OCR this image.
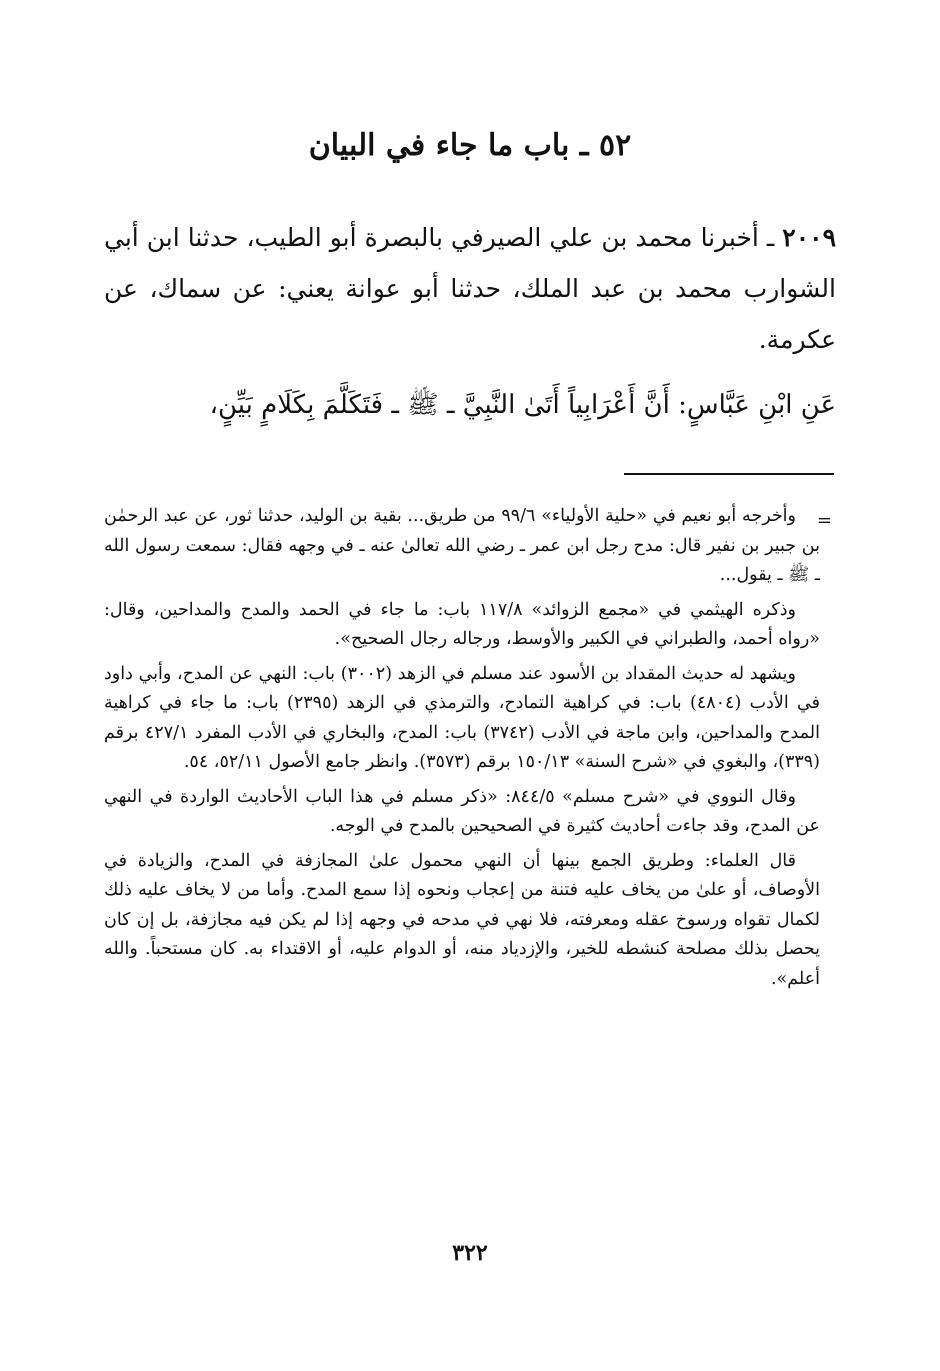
٥٢ ـ باب ما جاء في البيان

٢٠٠٩ ـ أخبرنا محمد بن علي الصيرفي بالبصرة أبو الطيب، حدثنا ابن أبي الشوارب محمد بن عبد الملك، حدثنا أبو عوانة يعني: عن سماك، عن عكرمة.

عَنِ ابْنِ عَبَّاسٍ: أَنَّ أَعْرَابِياً أَتَىٰ النَّبِيَّ ـ ﷺ ـ فَتَكَلَّمَ بِكَلَامٍ بَيِّنٍ،

=

وأخرجه أبو نعيم في «حلية الأولياء» ٩٩/٦ من طريق... بقية بن الوليد، حدثنا ثور، عن عبد الرحمٰن بن جبير بن نفير قال: مدح رجل ابن عمر ـ رضي الله تعالىٰ عنه ـ في وجهه فقال: سمعت رسول الله ـ ﷺ ـ يقول...

وذكره الهيثمي في «مجمع الزوائد» ١١٧/٨ باب: ما جاء في الحمد والمدح والمداحين، وقال: «رواه أحمد، والطبراني في الكبير والأوسط، ورجاله رجال الصحيح».

ويشهد له حديث المقداد بن الأسود عند مسلم في الزهد (٣٠٠٢) باب: النهي عن المدح، وأبي داود في الأدب (٤٨٠٤) باب: في كراهية التمادح، والترمذي في الزهد (٢٣٩٥) باب: ما جاء في كراهية المدح والمداحين، وابن ماجة في الأدب (٣٧٤٢) باب: المدح، والبخاري في الأدب المفرد ٤٢٧/١ برقم (٣٣٩)، والبغوي في «شرح السنة» ١٥٠/١٣ برقم (٣٥٧٣). وانظر جامع الأصول ٥٢/١١، ٥٤.

وقال النووي في «شرح مسلم» ٨٤٤/٥: «ذكر مسلم في هذا الباب الأحاديث الواردة في النهي عن المدح، وقد جاءت أحاديث كثيرة في الصحيحين بالمدح في الوجه.

قال العلماء: وطريق الجمع بينها أن النهي محمول علىٰ المجازفة في المدح، والزيادة في الأوصاف، أو علىٰ من يخاف عليه فتنة من إعجاب ونحوه إذا سمع المدح. وأما من لا يخاف عليه ذلك لكمال تقواه ورسوخ عقله ومعرفته، فلا نهي في مدحه في وجهه إذا لم يكن فيه مجازفة، بل إن كان يحصل بذلك مصلحة كنشطه للخير، والإزدياد منه، أو الدوام عليه، أو الاقتداء به. كان مستحباً. والله أعلم».

٣٢٢
